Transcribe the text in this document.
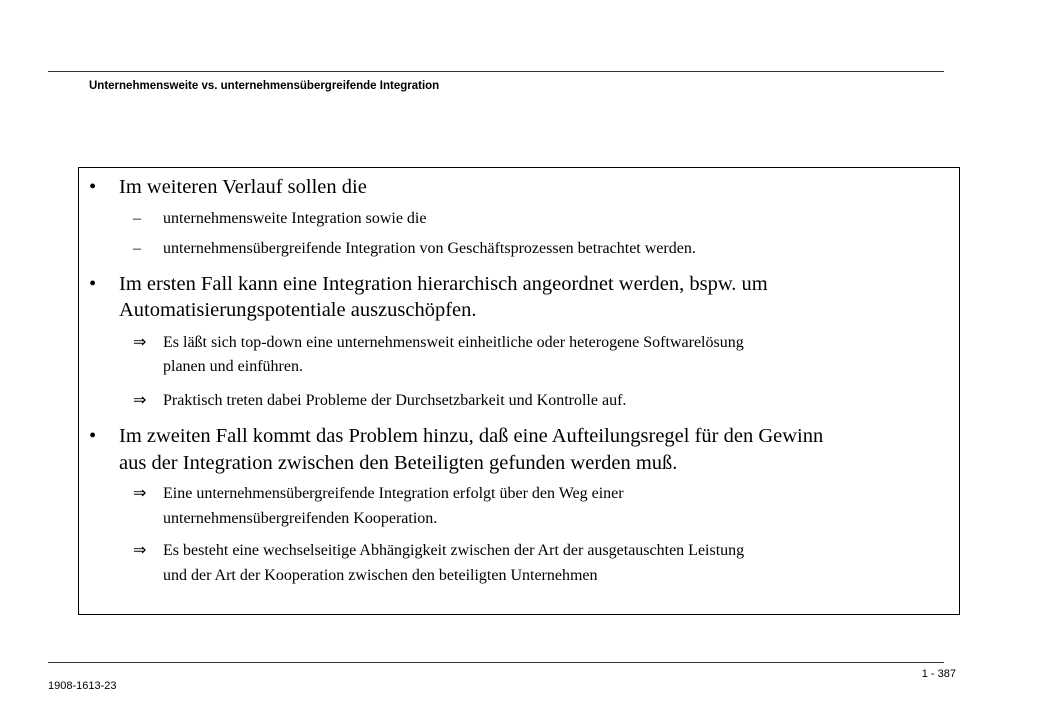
Unternehmensweite vs. unternehmensübergreifende Integration
• Im weiteren Verlauf sollen die
– unternehmensweite Integration sowie die
– unternehmensübergreifende Integration von Geschäftsprozessen betrachtet werden.
• Im ersten Fall kann eine Integration hierarchisch angeordnet werden, bspw. um
Automatisierungspotentiale auszuschöpfen.
⇒ Es läßt sich top-down eine unternehmensweit einheitliche oder heterogene Softwarelösung
planen und einführen.
⇒ Praktisch treten dabei Probleme der Durchsetzbarkeit und Kontrolle auf.
• Im zweiten Fall kommt das Problem hinzu, daß eine Aufteilungsregel für den Gewinn
aus der Integration zwischen den Beteiligten gefunden werden muß.
⇒ Eine unternehmensübergreifende Integration erfolgt über den Weg einer
unternehmensübergreifenden Kooperation.
⇒ Es besteht eine wechselseitige Abhängigkeit zwischen der Art der ausgetauschten Leistung
und der Art der Kooperation zwischen den beteiligten Unternehmen
1908-1613-23
1 - 387
